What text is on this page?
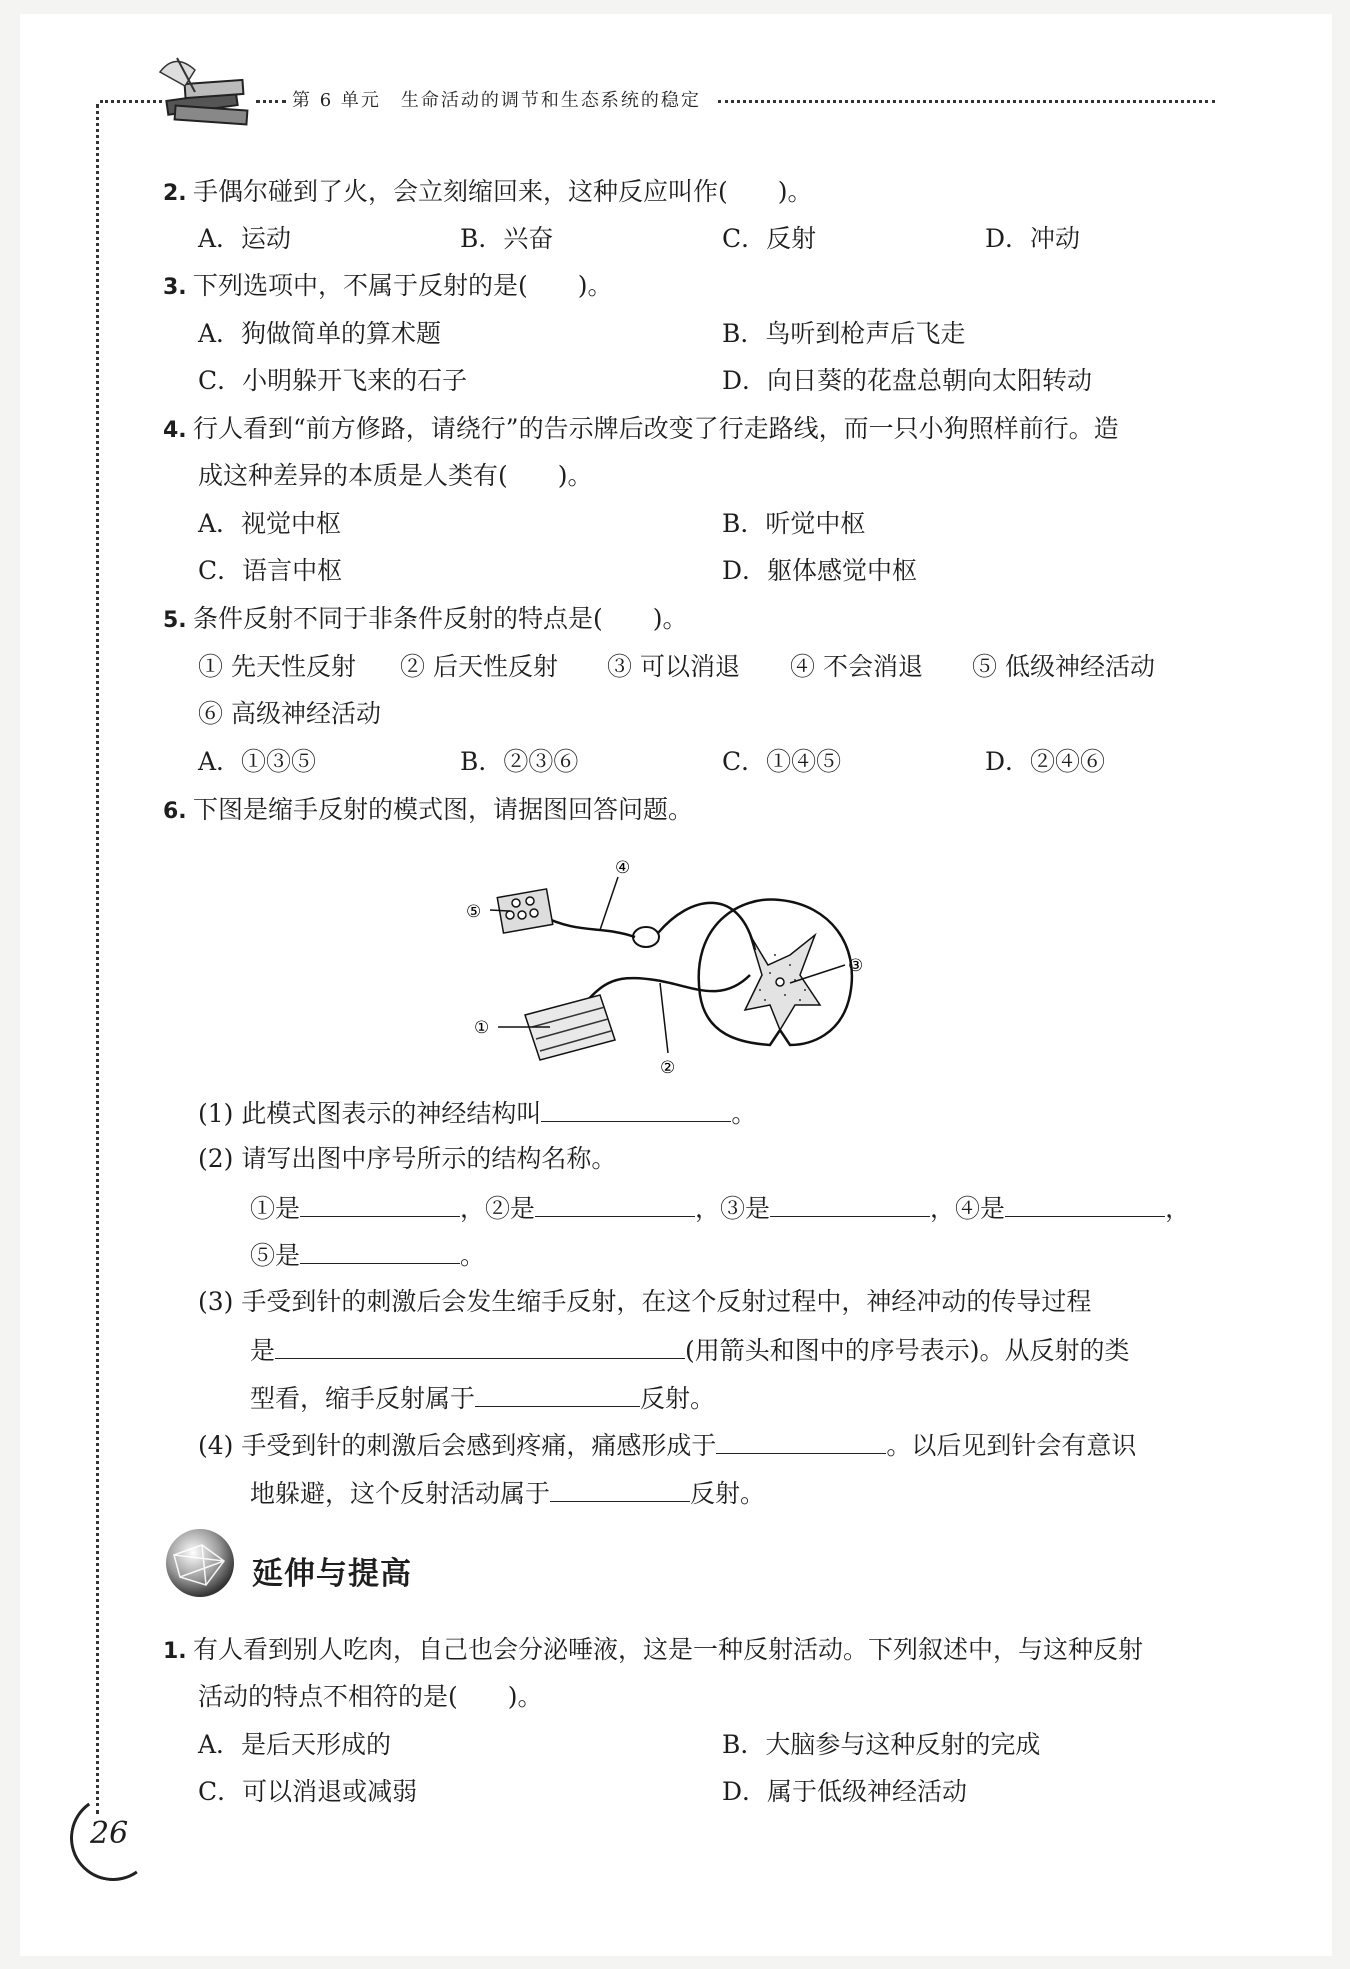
第 6 单元　生命活动的调节和生态系统的稳定
2. 手偶尔碰到了火，会立刻缩回来，这种反应叫作(　　)。
A．运动	B．兴奋	C．反射	D．冲动
3. 下列选项中，不属于反射的是(　　)。
A．狗做简单的算术题	B．鸟听到枪声后飞走
C．小明躲开飞来的石子	D．向日葵的花盘总朝向太阳转动
4. 行人看到“前方修路，请绕行”的告示牌后改变了行走路线，而一只小狗照样前行。造
成这种差异的本质是人类有(　　)。
A．视觉中枢	B．听觉中枢
C．语言中枢	D．躯体感觉中枢
5. 条件反射不同于非条件反射的特点是(　　)。
① 先天性反射 ② 后天性反射 ③ 可以消退 ④ 不会消退 ⑤ 低级神经活动
⑥ 高级神经活动
A．①③⑤	B．②③⑥	C．①④⑤	D．②④⑥
6. 下图是缩手反射的模式图，请据图回答问题。
⑤
④
③
①
②
(1) 此模式图表示的神经结构叫	。
(2) 请写出图中序号所示的结构名称。
①是	，②是	，③是	，④是	，
⑤是	。
(3) 手受到针的刺激后会发生缩手反射，在这个反射过程中，神经冲动的传导过程
是	(用箭头和图中的序号表示)。从反射的类
型看，缩手反射属于	反射。
(4) 手受到针的刺激后会感到疼痛，痛感形成于	。以后见到针会有意识
地躲避，这个反射活动属于	反射。
延伸与提高
1. 有人看到别人吃肉，自己也会分泌唾液，这是一种反射活动。下列叙述中，与这种反射
活动的特点不相符的是(　　)。
A．是后天形成的	B．大脑参与这种反射的完成
C．可以消退或减弱	D．属于低级神经活动
26
